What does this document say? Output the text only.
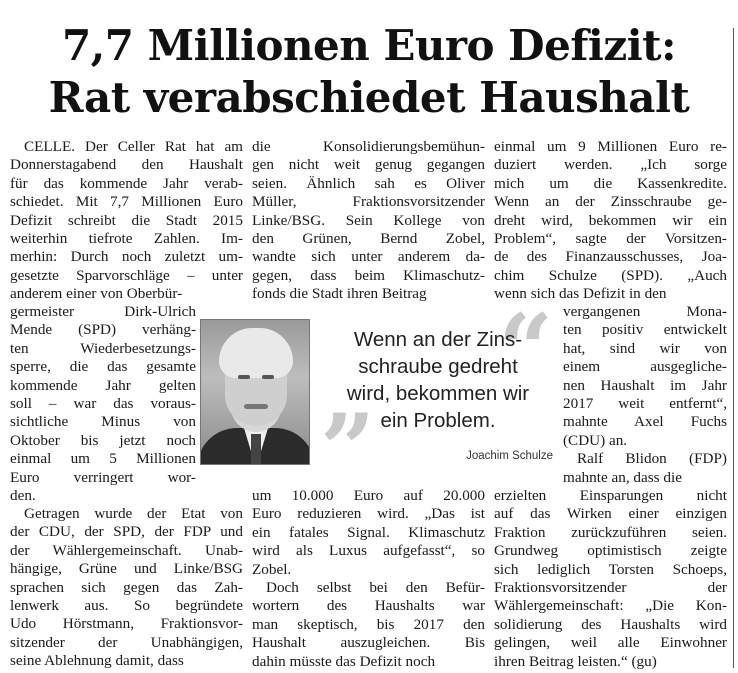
7,7 Millionen Euro Defizit:
Rat verabschiedet Haushalt
CELLE. Der Celler Rat hat am
Donnerstagabend den Haushalt
für das kommende Jahr verab-
schiedet. Mit 7,7 Millionen Euro
Defizit schreibt die Stadt 2015
weiterhin tiefrote Zahlen. Im-
merhin: Durch noch zuletzt um-
gesetzte Sparvorschläge – unter
anderem einer von Oberbür-
germeister Dirk-Ulrich
Mende (SPD) verhäng-
ten Wiederbesetzungs-
sperre, die das gesamte
kommende Jahr gelten
soll – war das voraus-
sichtliche Minus von
Oktober bis jetzt noch
einmal um 5 Millionen
Euro verringert wor-
den.
Getragen wurde der Etat von
der CDU, der SPD, der FDP und
der Wählergemeinschaft. Unab-
hängige, Grüne und Linke/BSG
sprachen sich gegen das Zah-
lenwerk aus. So begründete
Udo Hörstmann, Fraktionsvor-
sitzender der Unabhängigen,
seine Ablehnung damit, dass
die Konsolidierungsbemühun-
gen nicht weit genug gegangen
seien. Ähnlich sah es Oliver
Müller, Fraktionsvorsitzender
Linke/BSG. Sein Kollege von
den Grünen, Bernd Zobel,
wandte sich unter anderem da-
gegen, dass beim Klimaschutz-
fonds die Stadt ihren Beitrag
um 10.000 Euro auf 20.000
Euro reduzieren wird. „Das ist
ein fatales Signal. Klimaschutz
wird als Luxus aufgefasst“, so
Zobel.
Doch selbst bei den Befür-
wortern des Haushalts war
man skeptisch, bis 2017 den
Haushalt auszugleichen. Bis
dahin müsste das Defizit noch
einmal um 9 Millionen Euro re-
duziert werden. „Ich sorge
mich um die Kassenkredite.
Wenn an der Zinsschraube ge-
dreht wird, bekommen wir ein
Problem“, sagte der Vorsitzen-
de des Finanzausschusses, Joa-
chim Schulze (SPD). „Auch
wenn sich das Defizit in den
vergangenen Mona-
ten positiv entwickelt
hat, sind wir von
einem ausgegliche-
nen Haushalt im Jahr
2017 weit entfernt“,
mahnte Axel Fuchs
(CDU) an.
Ralf Blidon (FDP)
mahnte an, dass die
erzielten Einsparungen nicht
auf das Wirken einer einzigen
Fraktion zurückzuführen seien.
Grundweg optimistisch zeigte
sich lediglich Torsten Schoeps,
Fraktionsvorsitzender der
Wählergemeinschaft: „Die Kon-
solidierung des Haushalts wird
gelingen, weil alle Einwohner
ihren Beitrag leisten.“ (gu)
“
”
Wenn an der Zins-
schraube gedreht
wird, bekommen wir
ein Problem.
Joachim Schulze
